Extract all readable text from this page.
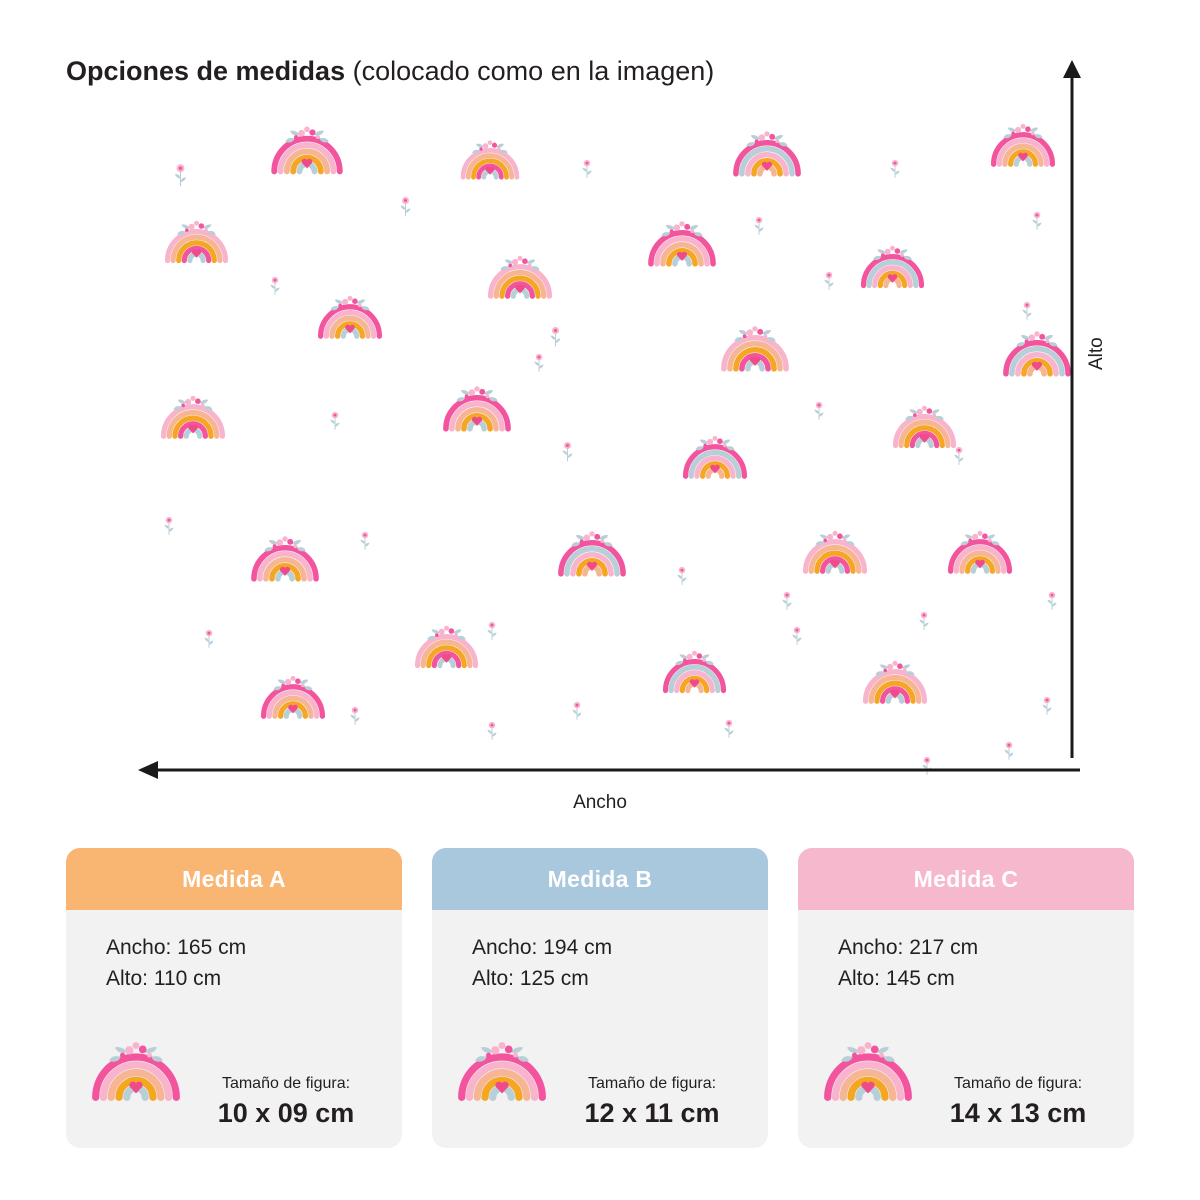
Opciones de medidas (colocado como en la imagen)
Alto
Ancho
Medida A
Ancho: 165 cm
Alto: 110 cm
Tamaño de figura:
10 x 09 cm
Medida B
Ancho: 194 cm
Alto: 125 cm
Tamaño de figura:
12 x 11 cm
Medida C
Ancho: 217 cm
Alto: 145 cm
Tamaño de figura:
14 x 13 cm
